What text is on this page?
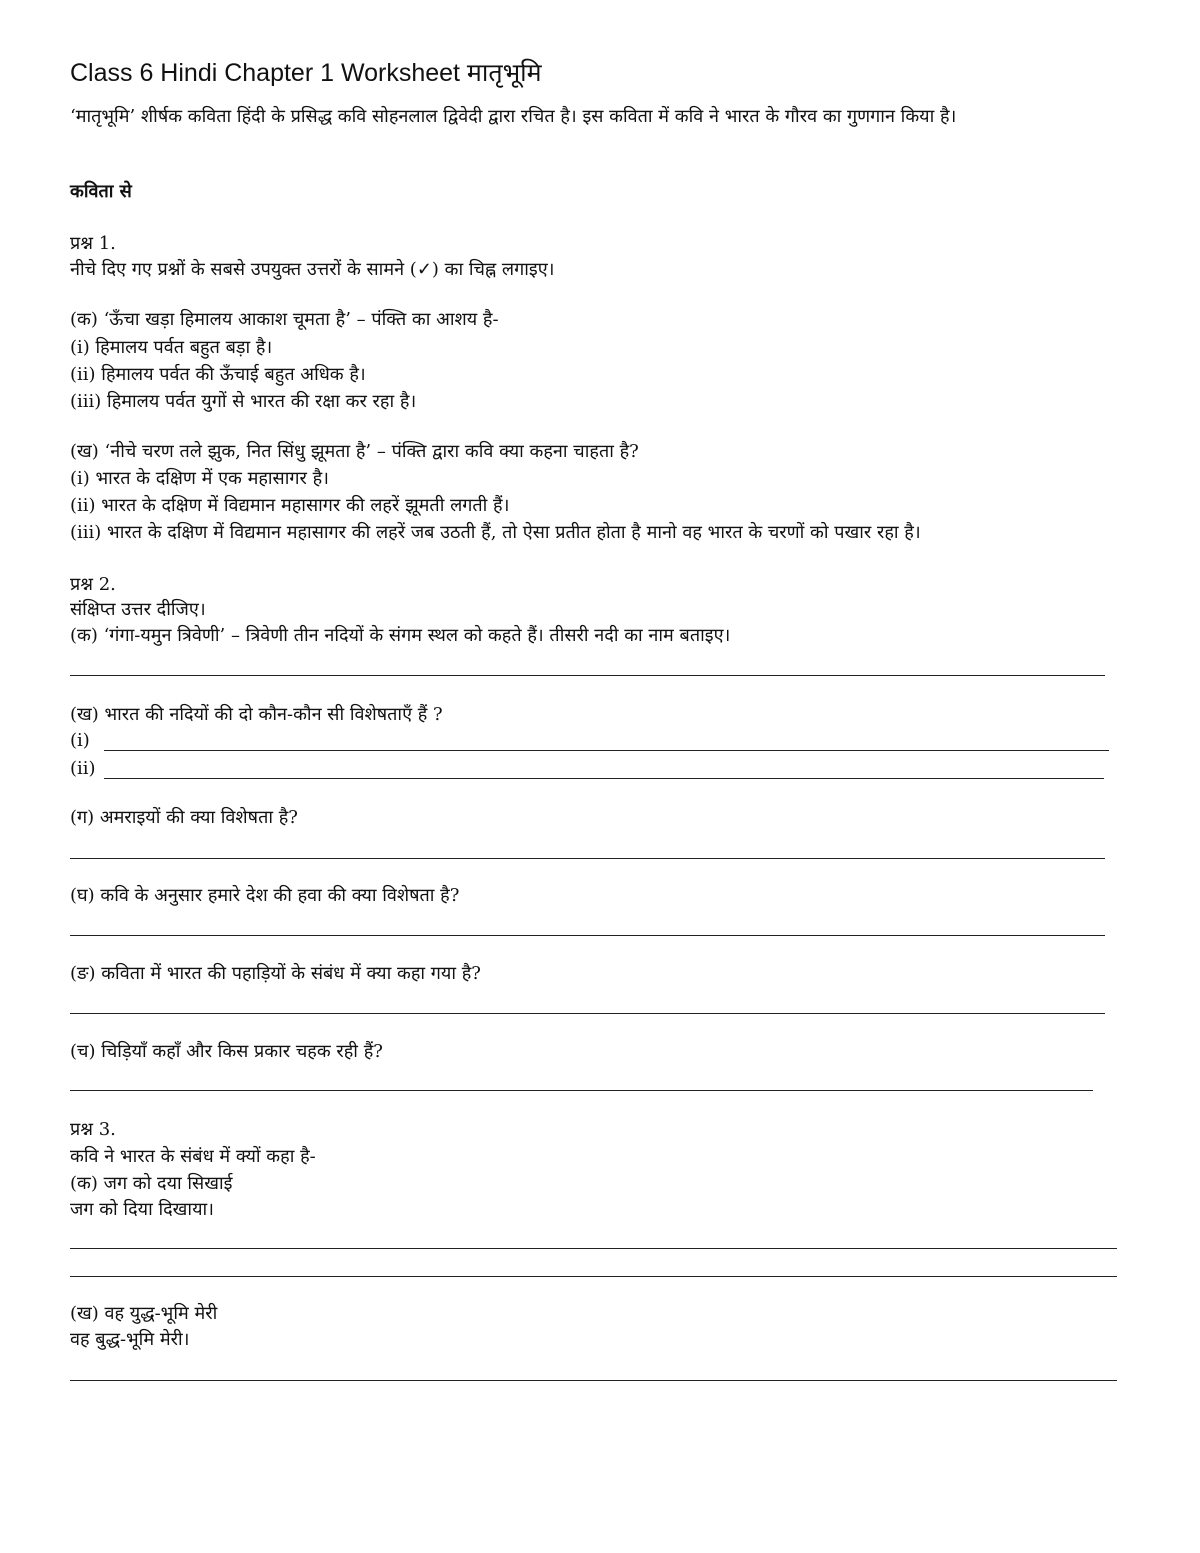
Class 6 Hindi Chapter 1 Worksheet मातृभूमि
‘मातृभूमि’ शीर्षक कविता हिंदी के प्रसिद्ध कवि सोहनलाल द्विवेदी द्वारा रचित है। इस कविता में कवि ने भारत के गौरव का गुणगान किया है।
कविता से
प्रश्न 1.
नीचे दिए गए प्रश्नों के सबसे उपयुक्त उत्तरों के सामने (✓) का चिह्न लगाइए।
(क) ‘ऊँचा खड़ा हिमालय आकाश चूमता है’ – पंक्ति का आशय है-
(i) हिमालय पर्वत बहुत बड़ा है।
(ii) हिमालय पर्वत की ऊँचाई बहुत अधिक है।
(iii) हिमालय पर्वत युगों से भारत की रक्षा कर रहा है।
(ख) ‘नीचे चरण तले झुक, नित सिंधु झूमता है’ – पंक्ति द्वारा कवि क्या कहना चाहता है?
(i) भारत के दक्षिण में एक महासागर है।
(ii) भारत के दक्षिण में विद्यमान महासागर की लहरें झूमती लगती हैं।
(iii) भारत के दक्षिण में विद्यमान महासागर की लहरें जब उठती हैं, तो ऐसा प्रतीत होता है मानो वह भारत के चरणों को पखार रहा है।
प्रश्न 2.
संक्षिप्त उत्तर दीजिए।
(क) ‘गंगा-यमुन त्रिवेणी’ – त्रिवेणी तीन नदियों के संगम स्थल को कहते हैं। तीसरी नदी का नाम बताइए।
(ख) भारत की नदियों की दो कौन-कौन सी विशेषताएँ हैं ?
(i)
(ii)
(ग) अमराइयों की क्या विशेषता है?
(घ) कवि के अनुसार हमारे देश की हवा की क्या विशेषता है?
(ङ) कविता में भारत की पहाड़ियों के संबंध में क्या कहा गया है?
(च) चिड़ियाँ कहाँ और किस प्रकार चहक रही हैं?
प्रश्न 3.
कवि ने भारत के संबंध में क्यों कहा है-
(क) जग को दया सिखाई
जग को दिया दिखाया।
(ख) वह युद्ध-भूमि मेरी
वह बुद्ध-भूमि मेरी।
